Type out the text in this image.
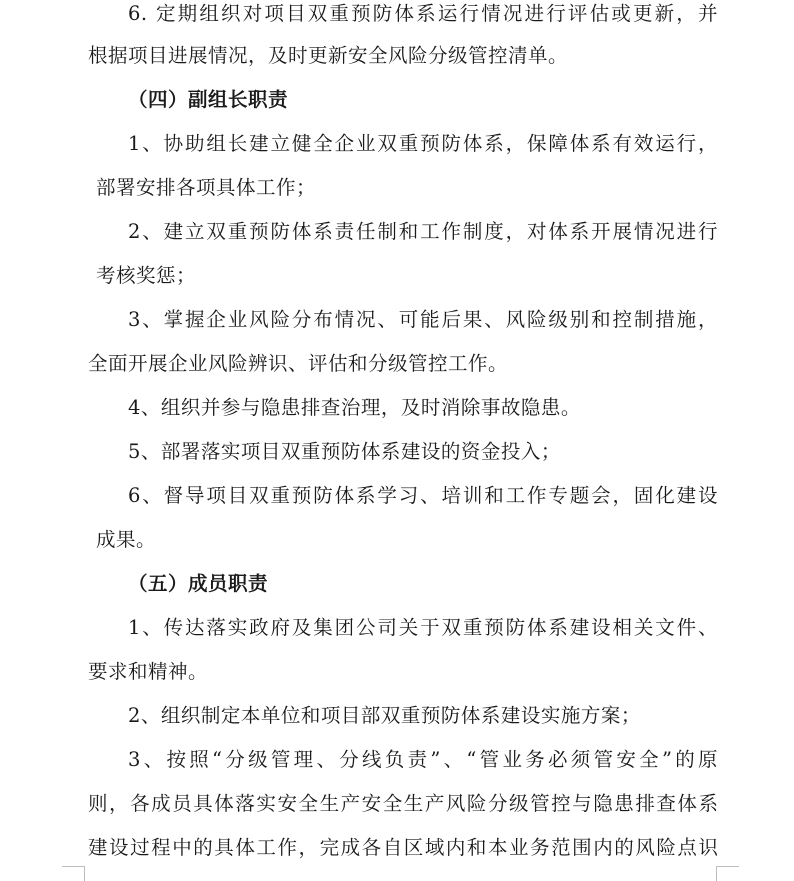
6. 定期组织对项目双重预防体系运行情况进行评估或更新，并
根据项目进展情况，及时更新安全风险分级管控清单。
（四）副组长职责
1、协助组长建立健全企业双重预防体系，保障体系有效运行，
部署安排各项具体工作；
2、建立双重预防体系责任制和工作制度，对体系开展情况进行
考核奖惩；
3、掌握企业风险分布情况、可能后果、风险级别和控制措施，
全面开展企业风险辨识、评估和分级管控工作。
4、组织并参与隐患排查治理，及时消除事故隐患。
5、部署落实项目双重预防体系建设的资金投入；
6、督导项目双重预防体系学习、培训和工作专题会，固化建设
成果。
（五）成员职责
1、传达落实政府及集团公司关于双重预防体系建设相关文件、
要求和精神。
2、组织制定本单位和项目部双重预防体系建设实施方案；
3、按照“分级管理、分线负责”、“管业务必须管安全”的原
则，各成员具体落实安全生产安全生产风险分级管控与隐患排查体系
建设过程中的具体工作，完成各自区域内和本业务范围内的风险点识
